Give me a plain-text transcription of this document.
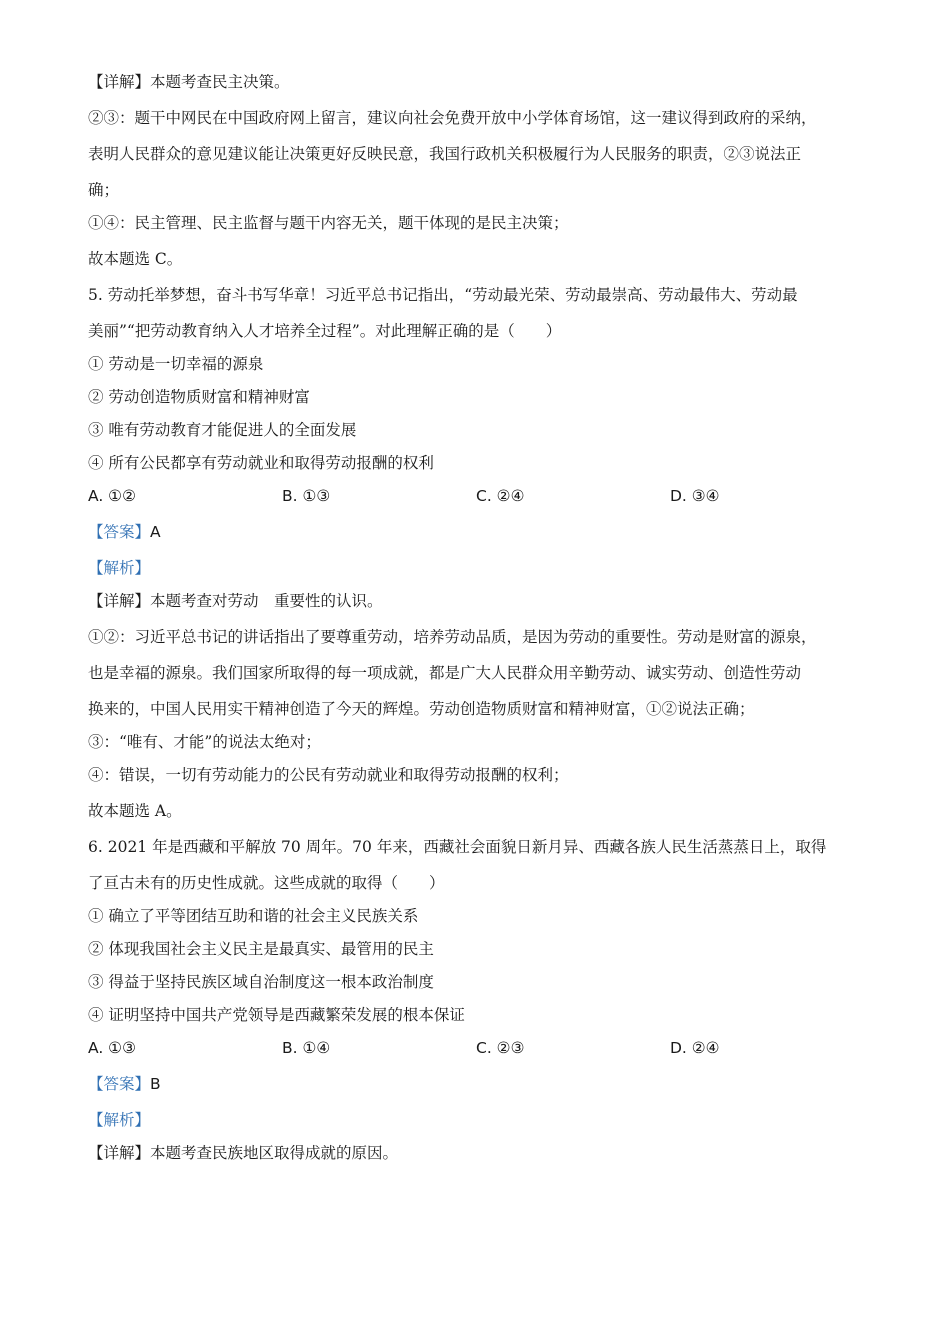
【详解】本题考查民主决策。
②③：题干中网民在中国政府网上留言，建议向社会免费开放中小学体育场馆，这一建议得到政府的采纳，
表明人民群众的意见建议能让决策更好反映民意，我国行政机关积极履行为人民服务的职责，②③说法正
确；
①④：民主管理、民主监督与题干内容无关，题干体现的是民主决策；
故本题选 C。
5. 劳动托举梦想，奋斗书写华章！习近平总书记指出，“劳动最光荣、劳动最崇高、劳动最伟大、劳动最
美丽”“把劳动教育纳入人才培养全过程”。对此理解正确的是（　　）
① 劳动是一切幸福的源泉
② 劳动创造物质财富和精神财富
③ 唯有劳动教育才能促进人的全面发展
④ 所有公民都享有劳动就业和取得劳动报酬的权利
A. ①②	B. ①③	C. ②④	D. ③④
【答案】A
【解析】
【详解】本题考查对劳动　重要性的认识。
①②：习近平总书记的讲话指出了要尊重劳动，培养劳动品质，是因为劳动的重要性。劳动是财富的源泉，
也是幸福的源泉。我们国家所取得的每一项成就，都是广大人民群众用辛勤劳动、诚实劳动、创造性劳动
换来的，中国人民用实干精神创造了今天的辉煌。劳动创造物质财富和精神财富，①②说法正确；
③：“唯有、才能”的说法太绝对；
④：错误，一切有劳动能力的公民有劳动就业和取得劳动报酬的权利；
故本题选 A。
6. 2021 年是西藏和平解放 70 周年。70 年来，西藏社会面貌日新月异、西藏各族人民生活蒸蒸日上，取得
了亘古未有的历史性成就。这些成就的取得（　　）
① 确立了平等团结互助和谐的社会主义民族关系
② 体现我国社会主义民主是最真实、最管用的民主
③ 得益于坚持民族区域自治制度这一根本政治制度
④ 证明坚持中国共产党领导是西藏繁荣发展的根本保证
A. ①③	B. ①④	C. ②③	D. ②④
【答案】B
【解析】
【详解】本题考查民族地区取得成就的原因。
